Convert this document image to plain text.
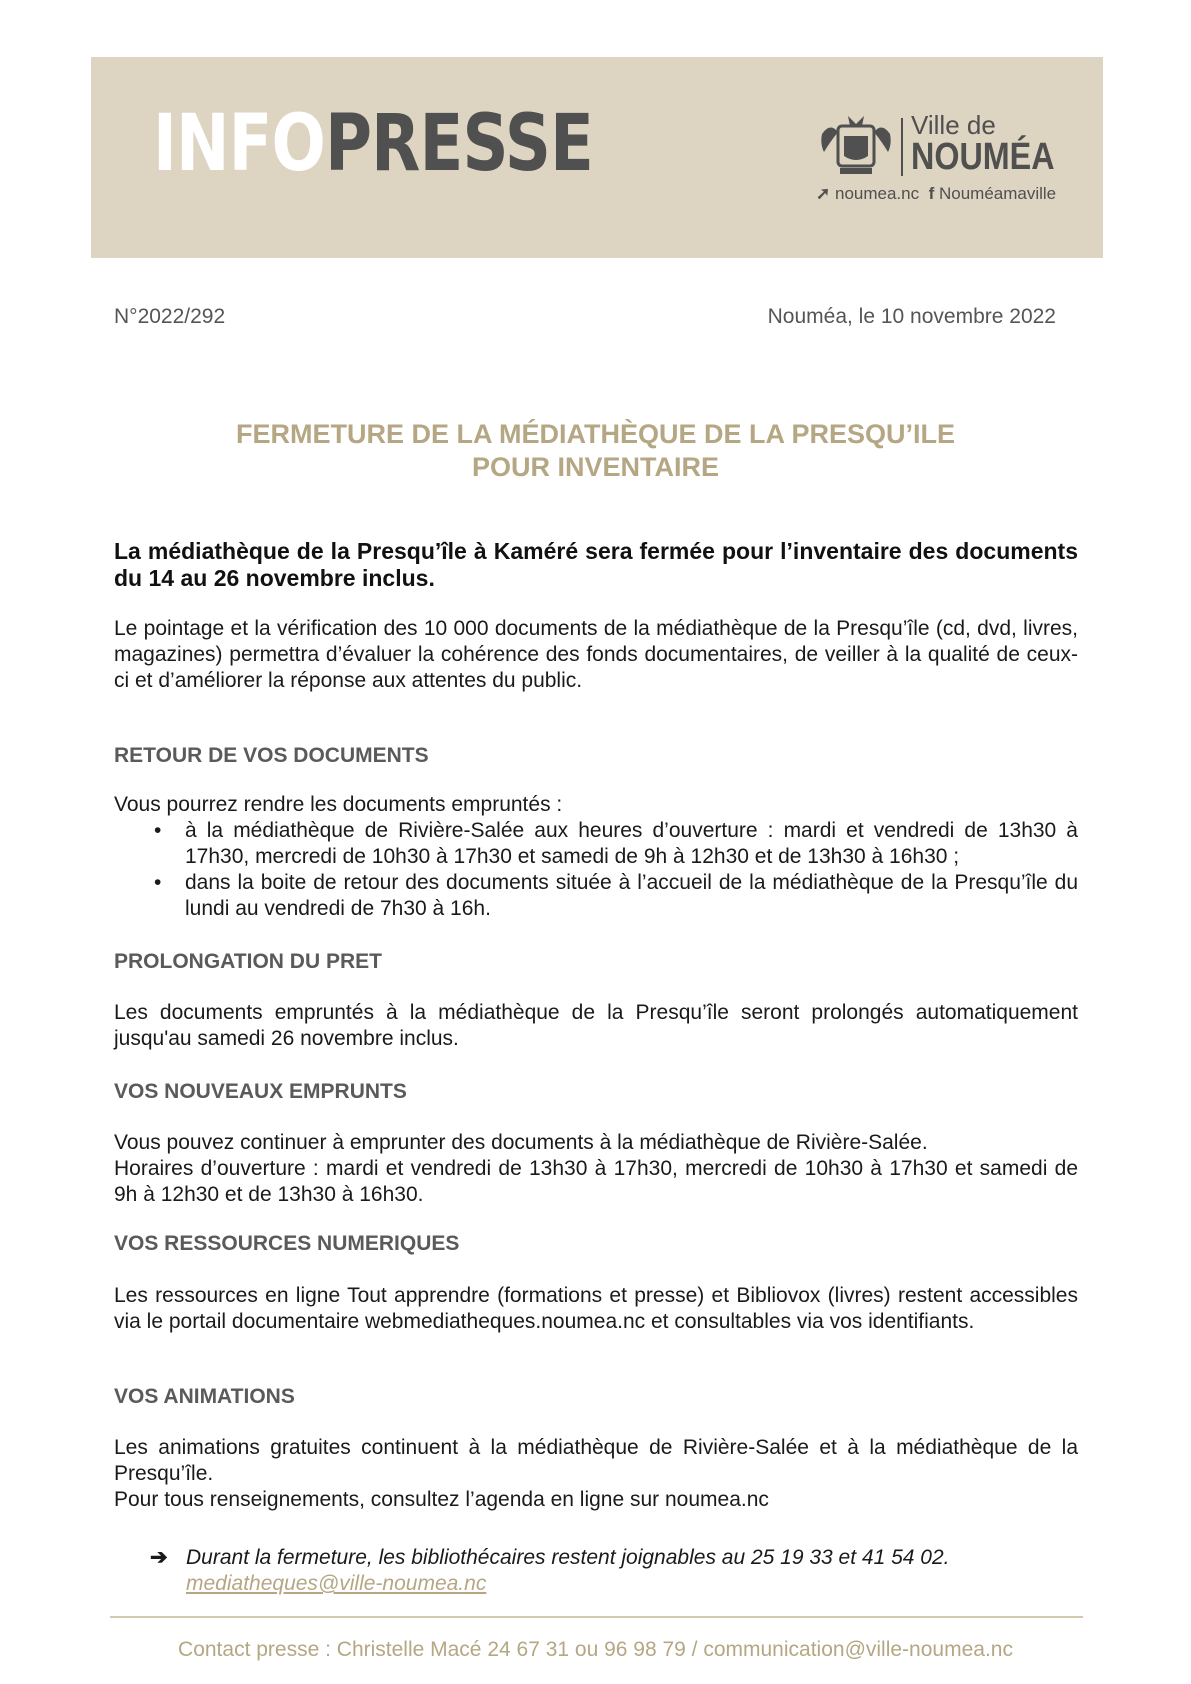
INFOPRESSE	Ville de
NOUMÉA
➚ noumea.nc f Nouméamaville
N°2022/292	Nouméa, le 10 novembre 2022
FERMETURE DE LA MÉDIATHÈQUE DE LA PRESQU’ILE
POUR INVENTAIRE
La médiathèque de la Presqu’île à Kaméré sera fermée pour l’inventaire des documents du 14 au 26 novembre inclus.
Le pointage et la vérification des 10 000 documents de la médiathèque de la Presqu’île (cd, dvd, livres, magazines) permettra d’évaluer la cohérence des fonds documentaires, de veiller à la qualité de ceux-ci et d’améliorer la réponse aux attentes du public.
RETOUR DE VOS DOCUMENTS
Vous pourrez rendre les documents empruntés :
• à la médiathèque de Rivière-Salée aux heures d’ouverture : mardi et vendredi de 13h30 à 17h30, mercredi de 10h30 à 17h30 et samedi de 9h à 12h30 et de 13h30 à 16h30 ;
• dans la boite de retour des documents située à l’accueil de la médiathèque de la Presqu’île du lundi au vendredi de 7h30 à 16h.
PROLONGATION DU PRET
Les documents empruntés à la médiathèque de la Presqu’île seront prolongés automatiquement jusqu'au samedi 26 novembre inclus.
VOS NOUVEAUX EMPRUNTS
Vous pouvez continuer à emprunter des documents à la médiathèque de Rivière-Salée.
Horaires d’ouverture : mardi et vendredi de 13h30 à 17h30, mercredi de 10h30 à 17h30 et samedi de 9h à 12h30 et de 13h30 à 16h30.
VOS RESSOURCES NUMERIQUES
Les ressources en ligne Tout apprendre (formations et presse) et Bibliovox (livres) restent accessibles via le portail documentaire webmediatheques.noumea.nc et consultables via vos identifiants.
VOS ANIMATIONS
Les animations gratuites continuent à la médiathèque de Rivière-Salée et à la médiathèque de la Presqu’île.
Pour tous renseignements, consultez l’agenda en ligne sur noumea.nc
➔ Durant la fermeture, les bibliothécaires restent joignables au 25 19 33 et 41 54 02.
mediatheques@ville-noumea.nc
Contact presse : Christelle Macé 24 67 31 ou 96 98 79 / communication@ville-noumea.nc
